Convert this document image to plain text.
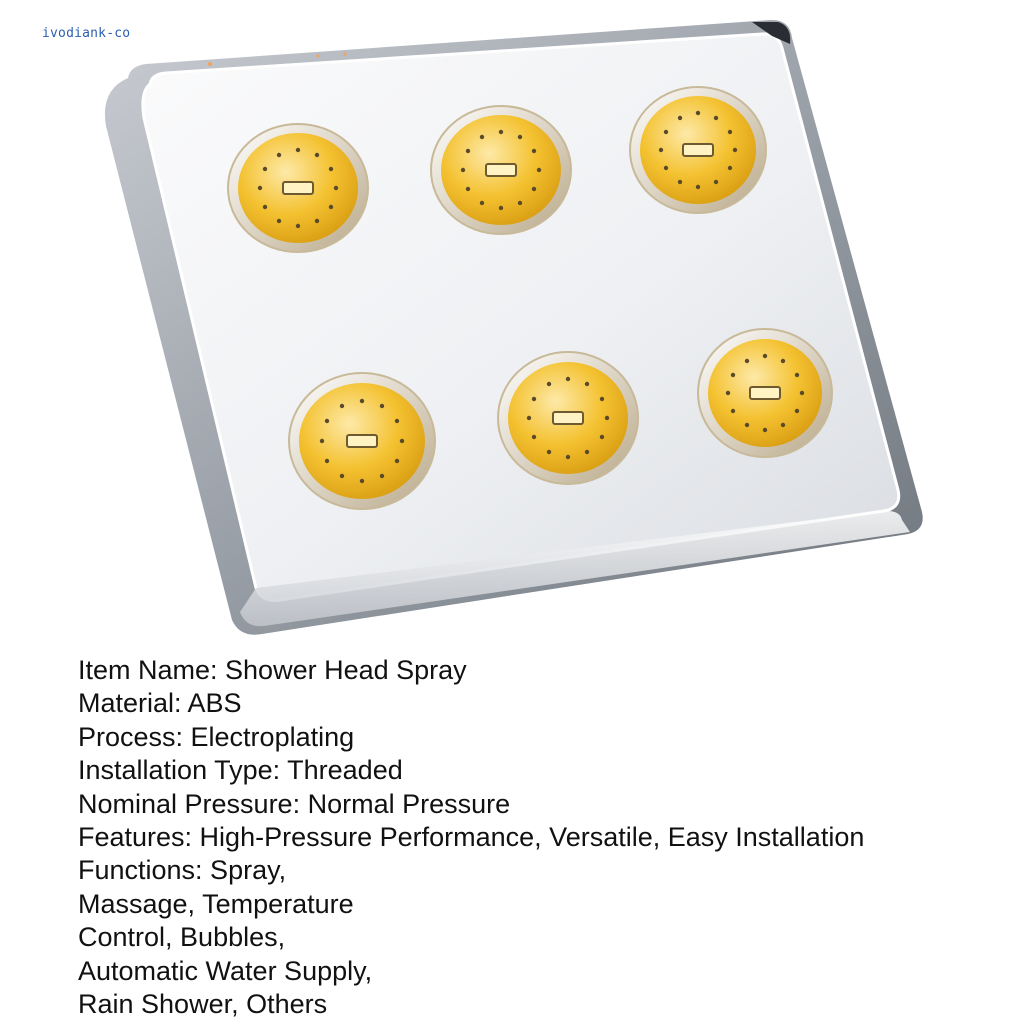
ivodiank-co
Item Name: Shower Head Spray
Material: ABS
Process: Electroplating
Installation Type: Threaded
Nominal Pressure: Normal Pressure
Features: High-Pressure Performance, Versatile, Easy Installation
Functions: Spray,
Massage, Temperature
Control, Bubbles,
Automatic Water Supply,
Rain Shower, Others
